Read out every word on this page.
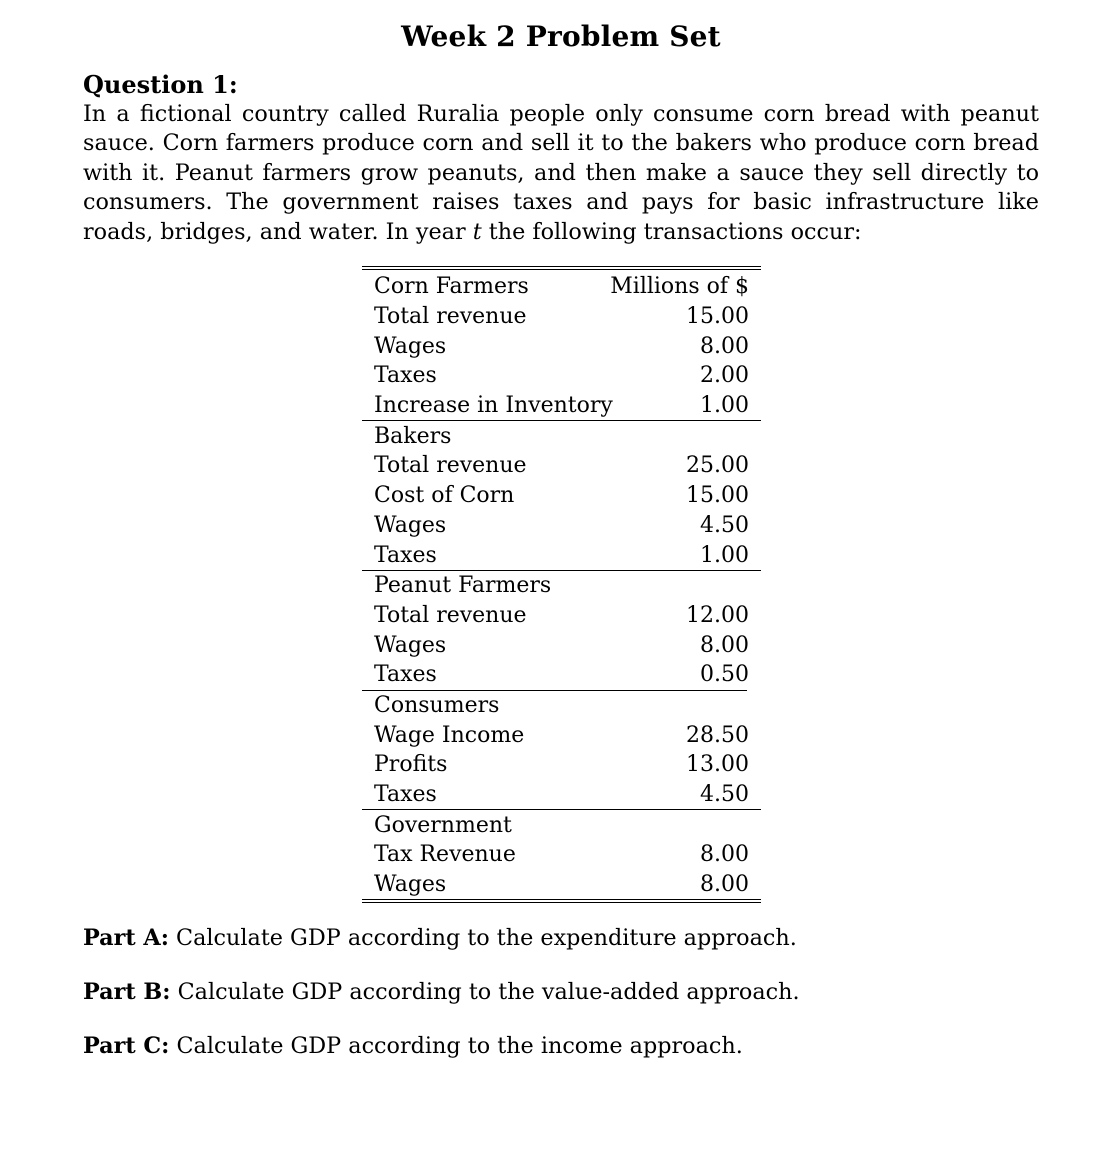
Week 2 Problem Set
Question 1:
In a fictional country called Ruralia people only consume corn bread with peanut sauce. Corn farmers produce corn and sell it to the bakers who produce corn bread with it. Peanut farmers grow peanuts, and then make a sauce they sell directly to consumers. The government raises taxes and pays for basic infrastructure like roads, bridges, and water. In year t the following transactions occur:
Corn Farmers	Millions of $
Total revenue	15.00
Wages	8.00
Taxes	2.00
Increase in Inventory	1.00
Bakers
Total revenue	25.00
Cost of Corn	15.00
Wages	4.50
Taxes	1.00
Peanut Farmers
Total revenue	12.00
Wages	8.00
Taxes	0.50
Consumers
Wage Income	28.50
Profits	13.00
Taxes	4.50
Government
Tax Revenue	8.00
Wages	8.00
Part A: Calculate GDP according to the expenditure approach.
Part B: Calculate GDP according to the value-added approach.
Part C: Calculate GDP according to the income approach.
